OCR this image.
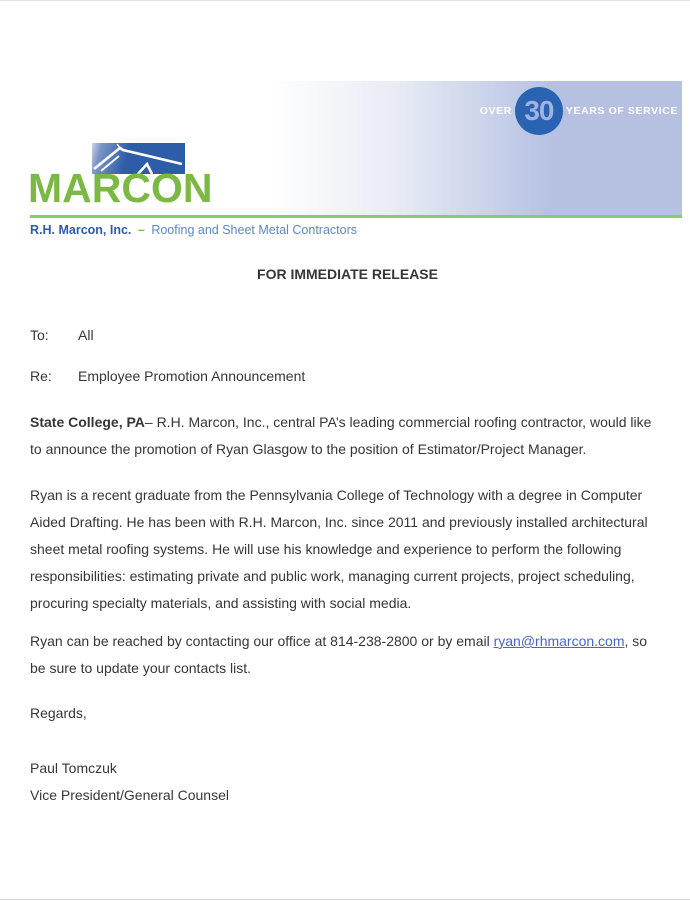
OVER 30 YEARS OF SERVICE
MARCON
R.H. Marcon, Inc. – Roofing and Sheet Metal Contractors

FOR IMMEDIATE RELEASE

To:	All
Re:	Employee Promotion Announcement

State College, PA– R.H. Marcon, Inc., central PA’s leading commercial roofing contractor, would like to announce the promotion of Ryan Glasgow to the position of Estimator/Project Manager.

Ryan is a recent graduate from the Pennsylvania College of Technology with a degree in Computer Aided Drafting. He has been with R.H. Marcon, Inc. since 2011 and previously installed architectural sheet metal roofing systems. He will use his knowledge and experience to perform the following responsibilities: estimating private and public work, managing current projects, project scheduling, procuring specialty materials, and assisting with social media.

Ryan can be reached by contacting our office at 814-238-2800 or by email ryan@rhmarcon.com, so be sure to update your contacts list.

Regards,

Paul Tomczuk
Vice President/General Counsel
